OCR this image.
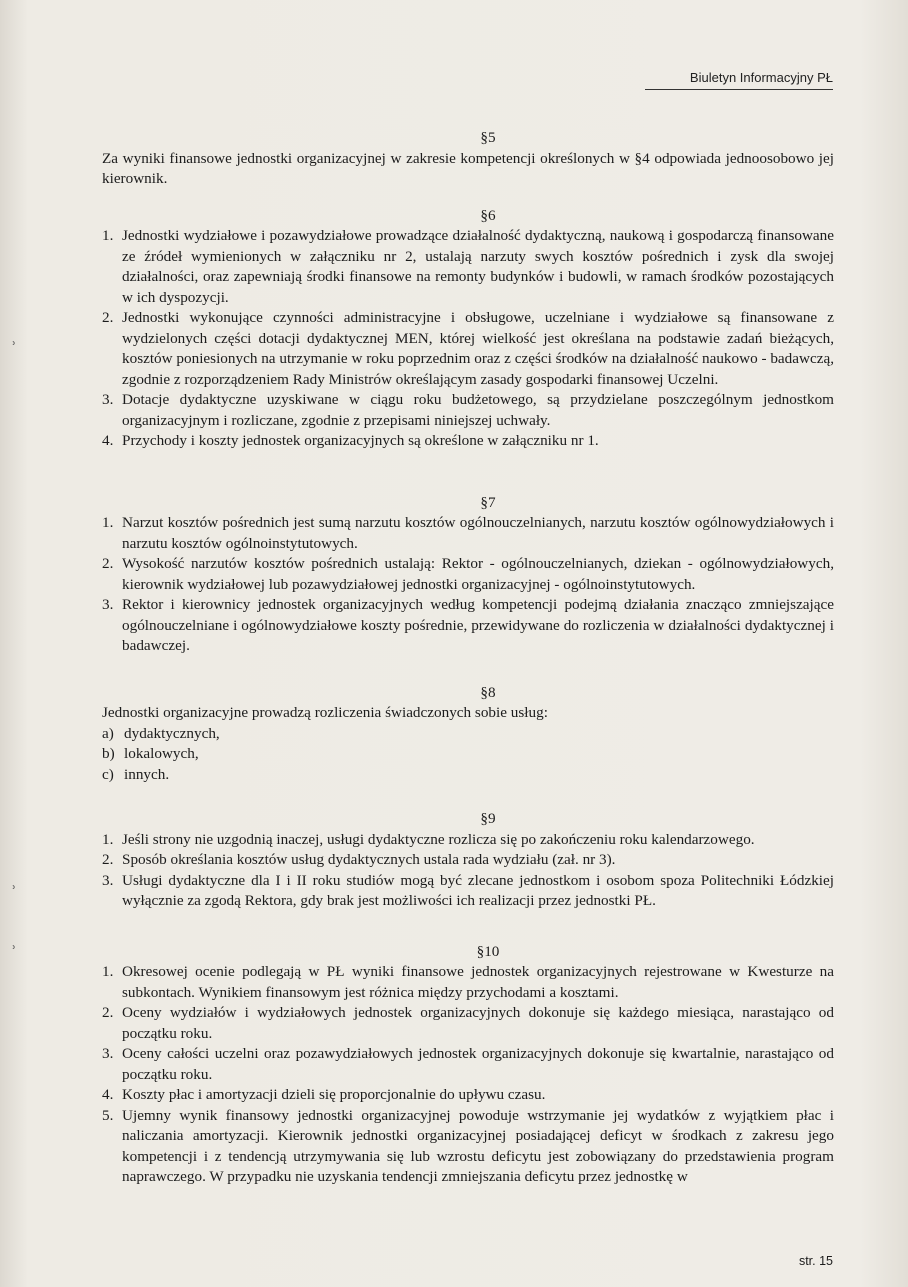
Biuletyn Informacyjny PŁ
ʾ
ʾ
ʾ

§5

Za wyniki finansowe jednostki organizacyjnej w zakresie kompetencji określonych w §4 odpowiada jednoosobowo jej kierownik.

§6

1. Jednostki wydziałowe i pozawydziałowe prowadzące działalność dydaktyczną, naukową i gospodarczą finansowane ze źródeł wymienionych w załączniku nr 2, ustalają narzuty swych kosztów pośrednich i zysk dla swojej działalności, oraz zapewniają środki finansowe na remonty budynków i budowli, w ramach środków pozostających w ich dyspozycji.
2. Jednostki wykonujące czynności administracyjne i obsługowe, uczelniane i wydziałowe są finansowane z wydzielonych części dotacji dydaktycznej MEN, której wielkość jest określana na podstawie zadań bieżących, kosztów poniesionych na utrzymanie w roku poprzednim oraz z części środków na działalność naukowo - badawczą, zgodnie z rozporządzeniem Rady Ministrów określającym zasady gospodarki finansowej Uczelni.
3. Dotacje dydaktyczne uzyskiwane w ciągu roku budżetowego, są przydzielane poszczególnym jednostkom organizacyjnym i rozliczane, zgodnie z przepisami niniejszej uchwały.
4. Przychody i koszty jednostek organizacyjnych są określone w załączniku nr 1.

§7

1. Narzut kosztów pośrednich jest sumą narzutu kosztów ogólnouczelnianych, narzutu kosztów ogólnowydziałowych i narzutu kosztów ogólnoinstytutowych.
2. Wysokość narzutów kosztów pośrednich ustalają: Rektor - ogólnouczelnianych, dziekan - ogólnowydziałowych, kierownik wydziałowej lub pozawydziałowej jednostki organizacyjnej - ogólnoinstytutowych.
3. Rektor i kierownicy jednostek organizacyjnych według kompetencji podejmą działania znacząco zmniejszające ogólnouczelniane i ogólnowydziałowe koszty pośrednie, przewidywane do rozliczenia w działalności dydaktycznej i badawczej.

§8

Jednostki organizacyjne prowadzą rozliczenia świadczonych sobie usług:

a) dydaktycznych,
b) lokalowych,
c) innych.

§9

1. Jeśli strony nie uzgodnią inaczej, usługi dydaktyczne rozlicza się po zakończeniu roku kalendarzowego.
2. Sposób określania kosztów usług dydaktycznych ustala rada wydziału (zał. nr 3).
3. Usługi dydaktyczne dla I i II roku studiów mogą być zlecane jednostkom i osobom spoza Politechniki Łódzkiej wyłącznie za zgodą Rektora, gdy brak jest możliwości ich realizacji przez jednostki PŁ.

§10

1. Okresowej ocenie podlegają w PŁ wyniki finansowe jednostek organizacyjnych rejestrowane w Kwesturze na subkontach. Wynikiem finansowym jest różnica między przychodami a kosztami.
2. Oceny wydziałów i wydziałowych jednostek organizacyjnych dokonuje się każdego miesiąca, narastająco od początku roku.
3. Oceny całości uczelni oraz pozawydziałowych jednostek organizacyjnych dokonuje się kwartalnie, narastająco od początku roku.
4. Koszty płac i amortyzacji dzieli się proporcjonalnie do upływu czasu.
5. Ujemny wynik finansowy jednostki organizacyjnej powoduje wstrzymanie jej wydatków z wyjątkiem płac i naliczania amortyzacji. Kierownik jednostki organizacyjnej posiadającej deficyt w środkach z zakresu jego kompetencji i z tendencją utrzymywania się lub wzrostu deficytu jest zobowiązany do przedstawienia program naprawczego. W przypadku nie uzyskania tendencji zmniejszania deficytu przez jednostkę w
str. 15
